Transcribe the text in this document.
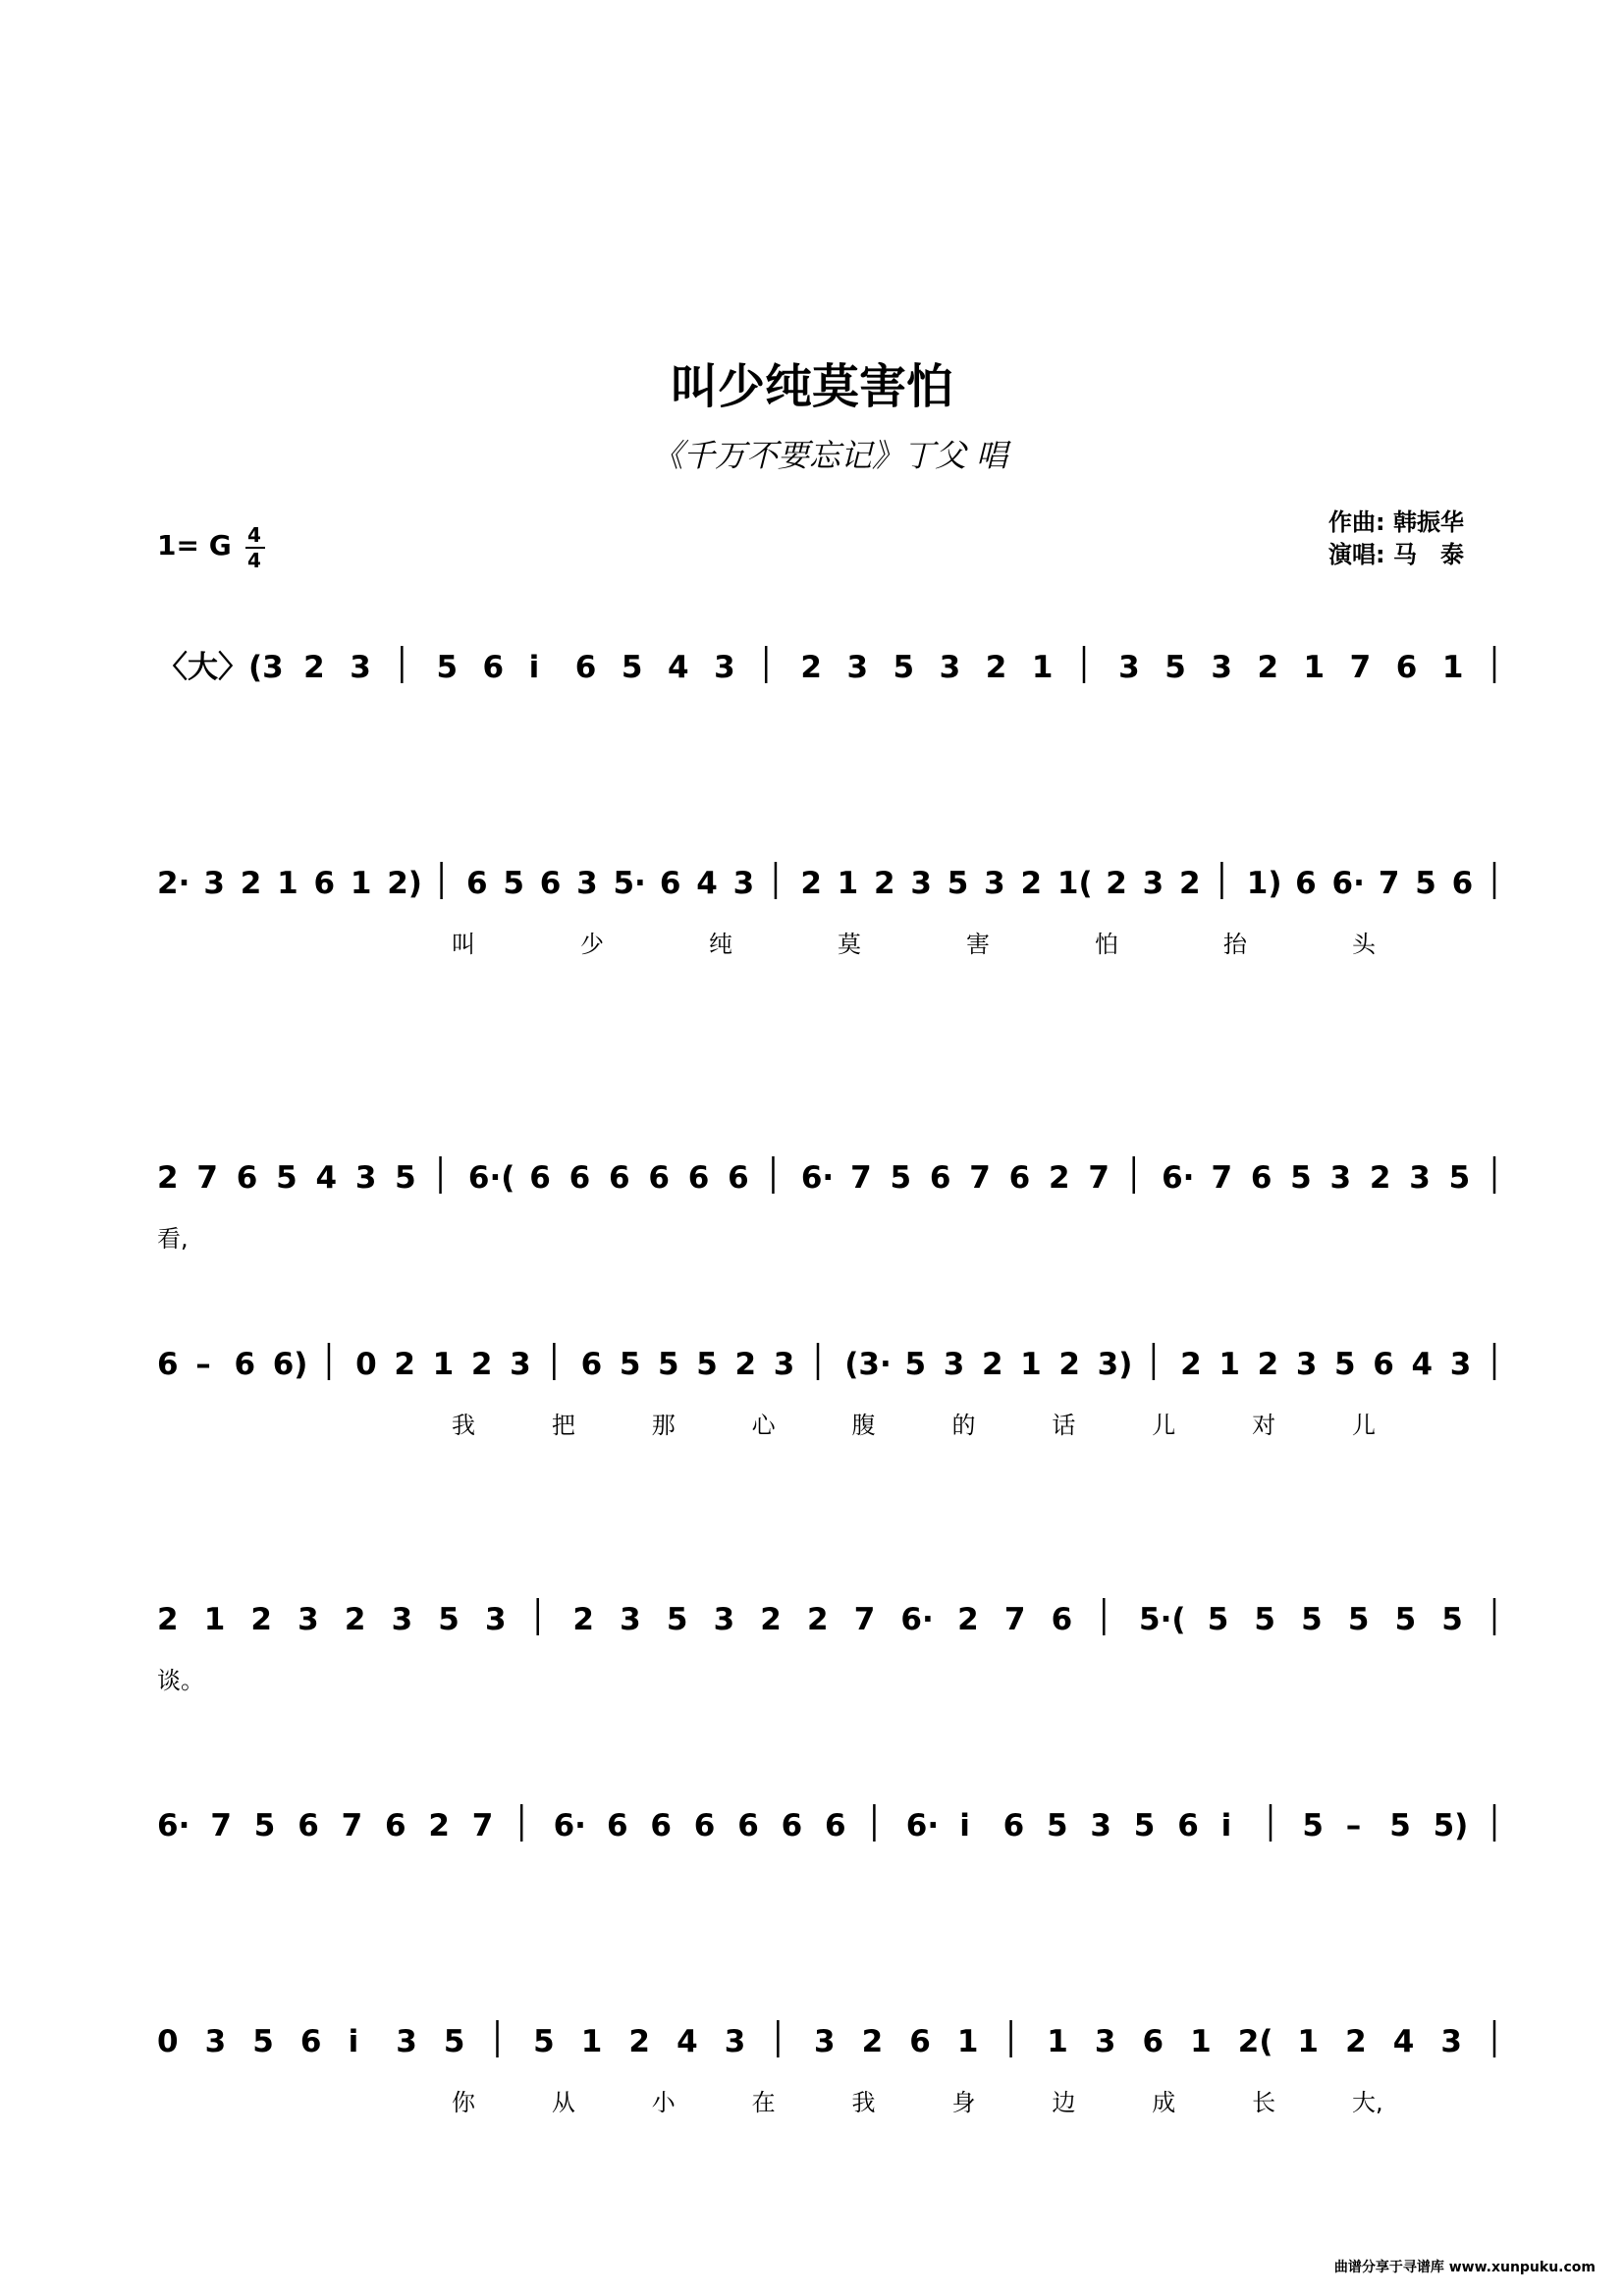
叫少纯莫害怕
《千万不要忘记》丁父 唱
1= G 4
4
作曲: 韩振华
演唱: 马　泰
〈大〉(3 2 3 5 6 i 6 5 4 3 2 3 5 3 2 1 3 5 3 2 1 7 6 1
2· 3 2 1 6 1 2) 6 5 6 3 5· 6 4 3 2 1 2 3 5 3 2 1( 2 3 2 1) 6 6· 7 5 6
叫	少	纯	莫	害	怕	抬	头
2 7 6 5 4 3 5 6·( 6 6 6 6 6 6 6· 7 5 6 7 6 2 7 6· 7 6 5 3 2 3 5
看,
6 – 6 6) 0 2 1 2 3 6 5 5 5 2 3 (3· 5 3 2 1 2 3) 2 1 2 3 5 6 4 3
我	把	那	心	腹	的	话	儿	对	儿
2 1 2 3 2 3 5 3 2 3 5 3 2 2 7 6· 2 7 6 5·( 5 5 5 5 5 5
谈。
6· 7 5 6 7 6 2 7 6· 6 6 6 6 6 6 6· i 6 5 3 5 6 i 5 – 5 5)
0 3 5 6 i 3 5 5 1 2 4 3 3 2 6 1 1 3 6 1 2( 1 2 4 3
你	从	小	在	我	身	边	成	长	大,
曲谱分享于寻谱库 www.xunpuku.com
